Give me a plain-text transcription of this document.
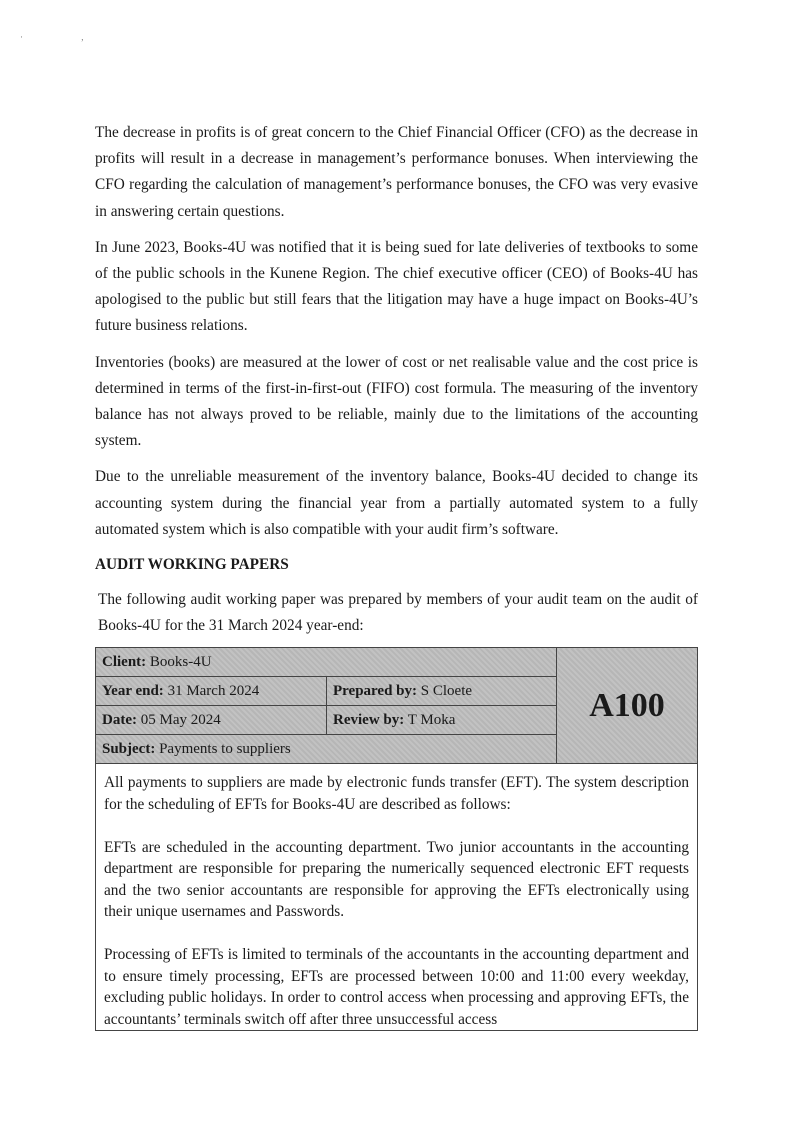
· ,

The decrease in profits is of great concern to the Chief Financial Officer (CFO) as the decrease in profits will result in a decrease in management’s performance bonuses. When interviewing the CFO regarding the calculation of management’s performance bonuses, the CFO was very evasive in answering certain questions.

In June 2023, Books-4U was notified that it is being sued for late deliveries of textbooks to some of the public schools in the Kunene Region. The chief executive officer (CEO) of Books-4U has apologised to the public but still fears that the litigation may have a huge impact on Books-4U’s future business relations.

Inventories (books) are measured at the lower of cost or net realisable value and the cost price is determined in terms of the first-in-first-out (FIFO) cost formula. The measuring of the inventory balance has not always proved to be reliable, mainly due to the limitations of the accounting system.

Due to the unreliable measurement of the inventory balance, Books-4U decided to change its accounting system during the financial year from a partially automated system to a fully automated system which is also compatible with your audit firm’s software.

AUDIT WORKING PAPERS

The following audit working paper was prepared by members of your audit team on the audit of Books-4U for the 31 March 2024 year-end:

Client: Books-4U		A100
Year end: 31 March 2024	Prepared by: S Cloete	
Date: 05 May 2024	Review by: T Moka	
Subject: Payments to suppliers		

All payments to suppliers are made by electronic funds transfer (EFT). The system description for the scheduling of EFTs for Books-4U are described as follows:

EFTs are scheduled in the accounting department. Two junior accountants in the accounting department are responsible for preparing the numerically sequenced electronic EFT requests and the two senior accountants are responsible for approving the EFTs electronically using their unique usernames and Passwords.

Processing of EFTs is limited to terminals of the accountants in the accounting department and to ensure timely processing, EFTs are processed between 10:00 and 11:00 every weekday, excluding public holidays. In order to control access when processing and approving EFTs, the accountants’ terminals switch off after three unsuccessful access		
